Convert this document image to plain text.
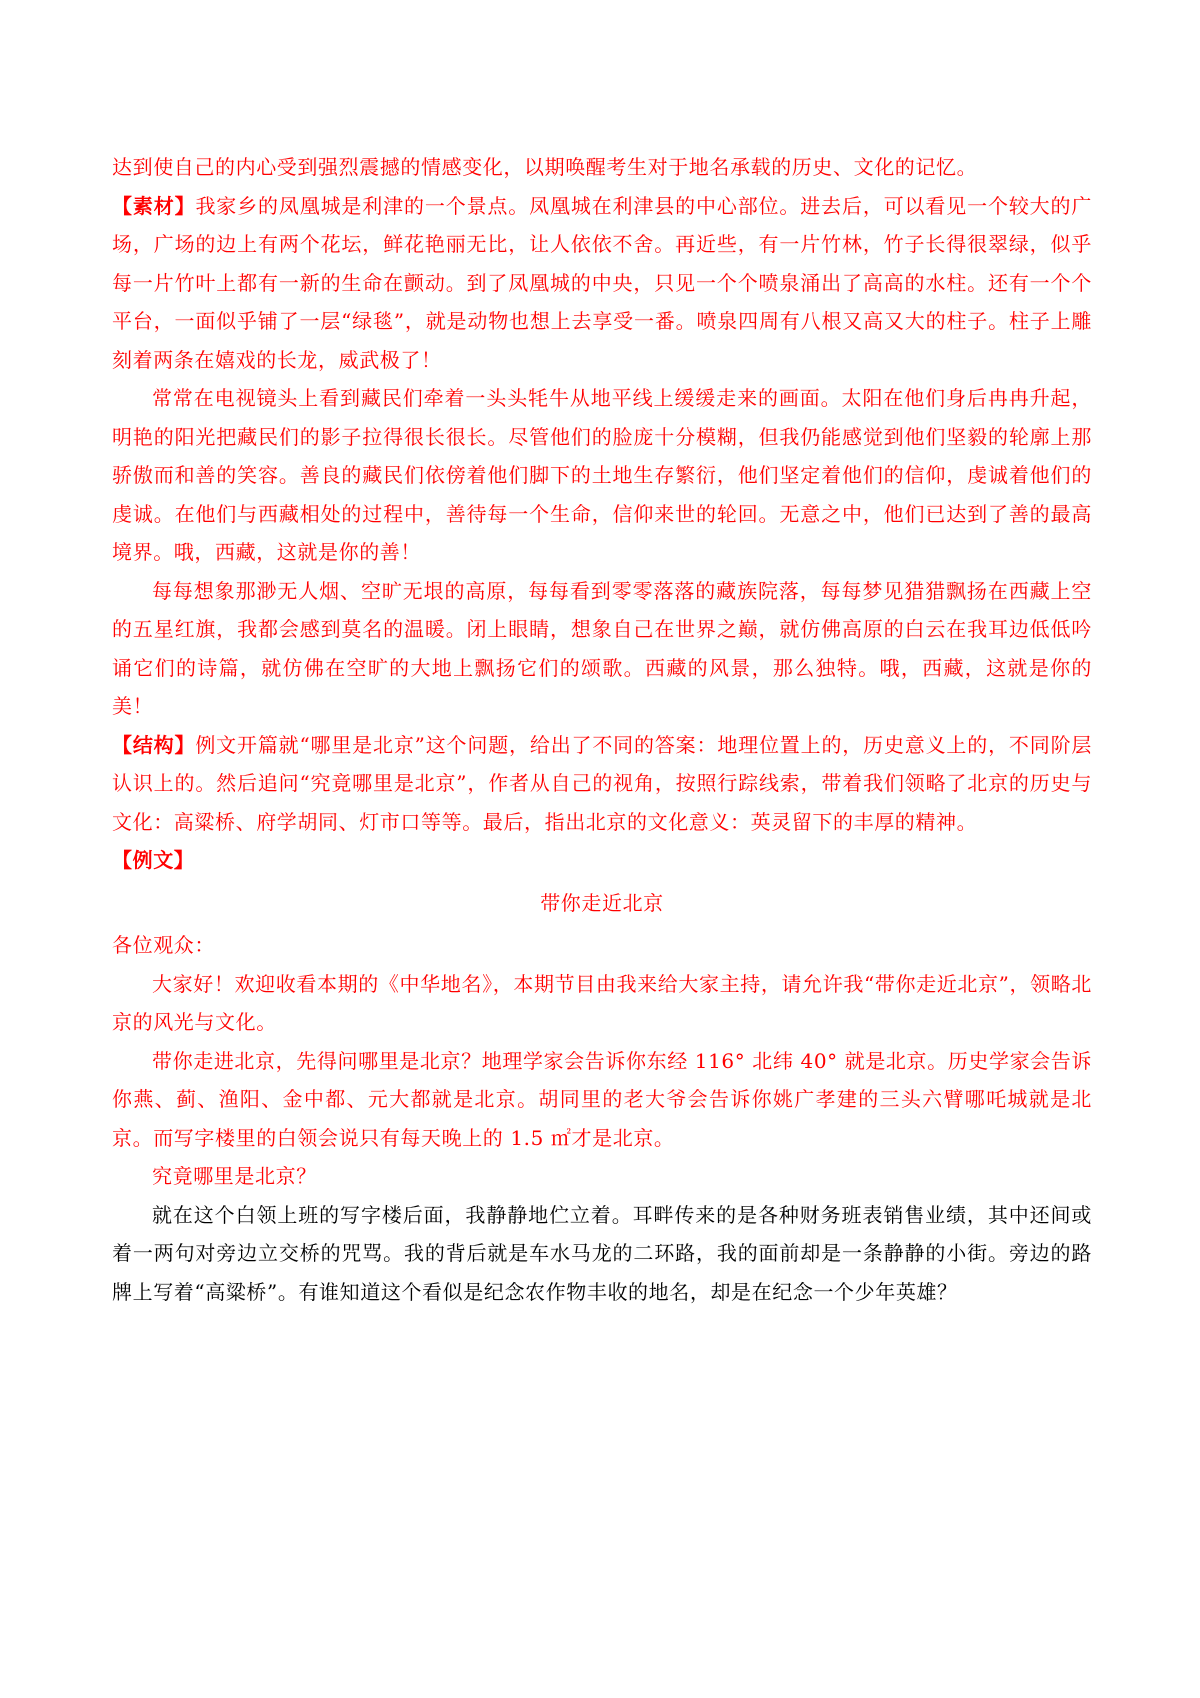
达到使自己的内心受到强烈震撼的情感变化，以期唤醒考生对于地名承载的历史、文化的记忆。

【素材】我家乡的凤凰城是利津的一个景点。凤凰城在利津县的中心部位。进去后，可以看见一个较大的广场，广场的边上有两个花坛，鲜花艳丽无比，让人依依不舍。再近些，有一片竹林，竹子长得很翠绿，似乎每一片竹叶上都有一新的生命在颤动。到了凤凰城的中央，只见一个个喷泉涌出了高高的水柱。还有一个个平台，一面似乎铺了一层“绿毯”，就是动物也想上去享受一番。喷泉四周有八根又高又大的柱子。柱子上雕刻着两条在嬉戏的长龙，威武极了！

常常在电视镜头上看到藏民们牵着一头头牦牛从地平线上缓缓走来的画面。太阳在他们身后冉冉升起，明艳的阳光把藏民们的影子拉得很长很长。尽管他们的脸庞十分模糊，但我仍能感觉到他们坚毅的轮廓上那骄傲而和善的笑容。善良的藏民们依傍着他们脚下的土地生存繁衍，他们坚定着他们的信仰，虔诚着他们的虔诚。在他们与西藏相处的过程中，善待每一个生命，信仰来世的轮回。无意之中，他们已达到了善的最高境界。哦，西藏，这就是你的善！

每每想象那渺无人烟、空旷无垠的高原，每每看到零零落落的藏族院落，每每梦见猎猎飘扬在西藏上空的五星红旗，我都会感到莫名的温暖。闭上眼睛，想象自己在世界之巅，就仿佛高原的白云在我耳边低低吟诵它们的诗篇，就仿佛在空旷的大地上飘扬它们的颂歌。西藏的风景，那么独特。哦，西藏，这就是你的美！

【结构】例文开篇就“哪里是北京”这个问题，给出了不同的答案：地理位置上的，历史意义上的，不同阶层认识上的。然后追问“究竟哪里是北京”，作者从自己的视角，按照行踪线索，带着我们领略了北京的历史与文化：高粱桥、府学胡同、灯市口等等。最后，指出北京的文化意义：英灵留下的丰厚的精神。

【例文】

带你走近北京

各位观众：

大家好！欢迎收看本期的《中华地名》，本期节目由我来给大家主持，请允许我“带你走近北京”，领略北京的风光与文化。

带你走进北京，先得问哪里是北京？地理学家会告诉你东经 116° 北纬 40° 就是北京。历史学家会告诉你燕、蓟、渔阳、金中都、元大都就是北京。胡同里的老大爷会告诉你姚广孝建的三头六臂哪吒城就是北京。而写字楼里的白领会说只有每天晚上的 1.5 ㎡才是北京。

究竟哪里是北京？

就在这个白领上班的写字楼后面，我静静地伫立着。耳畔传来的是各种财务班表销售业绩，其中还间或着一两句对旁边立交桥的咒骂。我的背后就是车水马龙的二环路，我的面前却是一条静静的小街。旁边的路牌上写着“高粱桥”。有谁知道这个看似是纪念农作物丰收的地名，却是在纪念一个少年英雄？
